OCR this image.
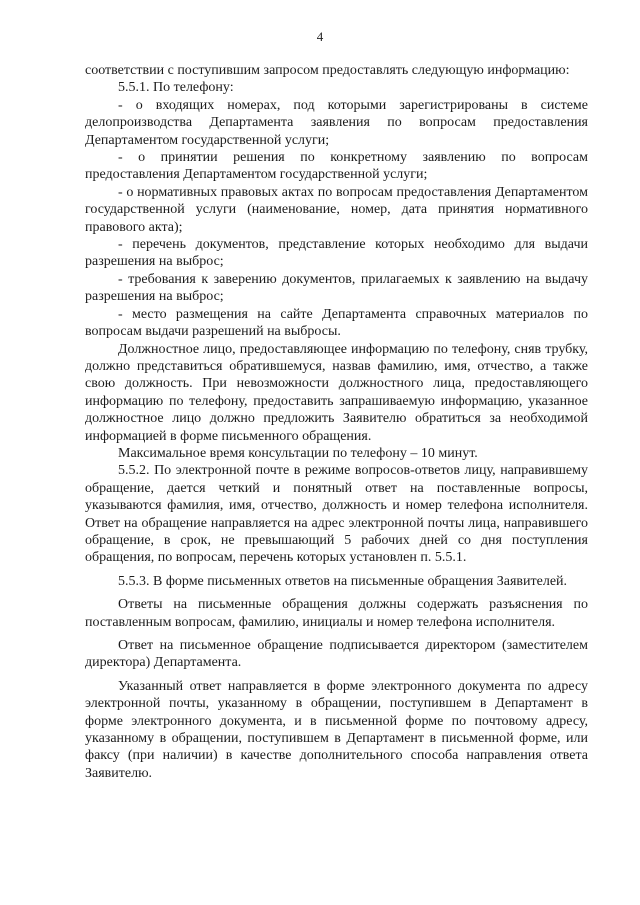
4

соответствии с поступившим запросом предоставлять следующую информацию:

5.5.1. По телефону:

- о входящих номерах, под которыми зарегистрированы в системе делопроизводства Департамента заявления по вопросам предоставления Департаментом государственной услуги;

- о принятии решения по конкретному заявлению по вопросам предоставления Департаментом государственной услуги;

- о нормативных правовых актах по вопросам предоставления Департаментом государственной услуги (наименование, номер, дата принятия нормативного правового акта);

- перечень документов, представление которых необходимо для выдачи разрешения на выброс;

- требования к заверению документов, прилагаемых к заявлению на выдачу разрешения на выброс;

- место размещения на сайте Департамента справочных материалов по вопросам выдачи разрешений на выбросы.

Должностное лицо, предоставляющее информацию по телефону, сняв трубку, должно представиться обратившемуся, назвав фамилию, имя, отчество, а также свою должность. При невозможности должностного лица, предоставляющего информацию по телефону, предоставить запрашиваемую информацию, указанное должностное лицо должно предложить Заявителю обратиться за необходимой информацией в форме письменного обращения.

Максимальное время консультации по телефону – 10 минут.

5.5.2. По электронной почте в режиме вопросов-ответов лицу, направившему обращение, дается четкий и понятный ответ на поставленные вопросы, указываются фамилия, имя, отчество, должность и номер телефона исполнителя. Ответ на обращение направляется на адрес электронной почты лица, направившего обращение, в срок, не превышающий 5 рабочих дней со дня поступления обращения, по вопросам, перечень которых установлен п. 5.5.1.

5.5.3. В форме письменных ответов на письменные обращения Заявителей.

Ответы на письменные обращения должны содержать разъяснения по поставленным вопросам, фамилию, инициалы и номер телефона исполнителя.

Ответ на письменное обращение подписывается директором (заместителем директора) Департамента.

Указанный ответ направляется в форме электронного документа по адресу электронной почты, указанному в обращении, поступившем в Департамент в форме электронного документа, и в письменной форме по почтовому адресу, указанному в обращении, поступившем в Департамент в письменной форме, или факсу (при наличии) в качестве дополнительного способа направления ответа Заявителю.
